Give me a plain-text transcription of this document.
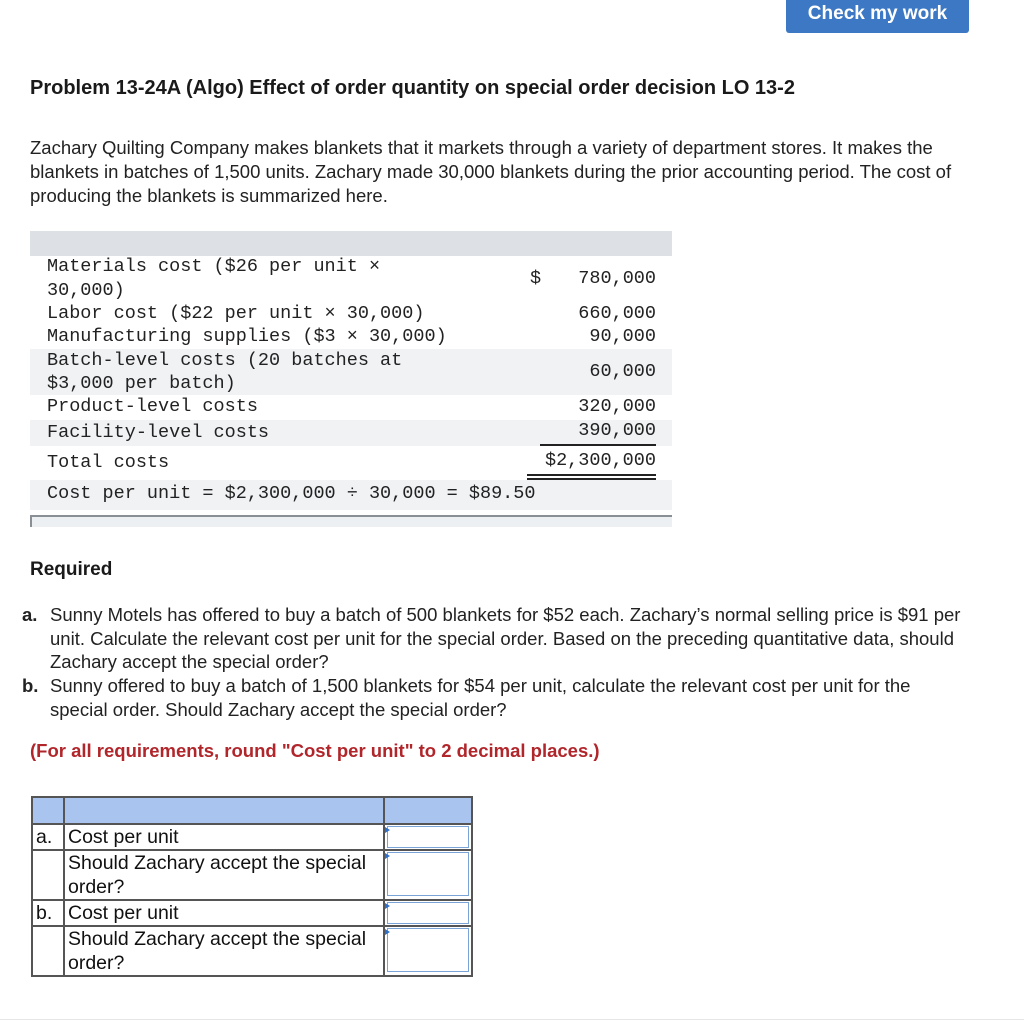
Check my work
Problem 13-24A (Algo) Effect of order quantity on special order decision LO 13-2

Zachary Quilting Company makes blankets that it markets through a variety of department stores. It makes the blankets in batches of 1,500 units. Zachary made 30,000 blankets during the prior accounting period. The cost of producing the blankets is summarized here.

Materials cost ($26 per unit ×
30,000)
$	780,000
Labor cost ($22 per unit × 30,000)	660,000
Manufacturing supplies ($3 × 30,000)	90,000
Batch-level costs (20 batches at
$3,000 per batch)
60,000
Product-level costs	320,000
Facility-level costs	390,000
Total costs	$2,300,000
Cost per unit = $2,300,000 ÷ 30,000 = $89.50
Required
a. Sunny Motels has offered to buy a batch of 500 blankets for $52 each. Zachary’s normal selling price is $91 per unit. Calculate the relevant cost per unit for the special order. Based on the preceding quantitative data, should Zachary accept the special order?
b. Sunny offered to buy a batch of 1,500 blankets for $54 per unit, calculate the relevant cost per unit for the special order. Should Zachary accept the special order?

(For all requirements, round "Cost per unit" to 2 decimal places.)

a.	Cost per unit	

	Should Zachary accept the special order?	

b.	Cost per unit	

	Should Zachary accept the special order?	
